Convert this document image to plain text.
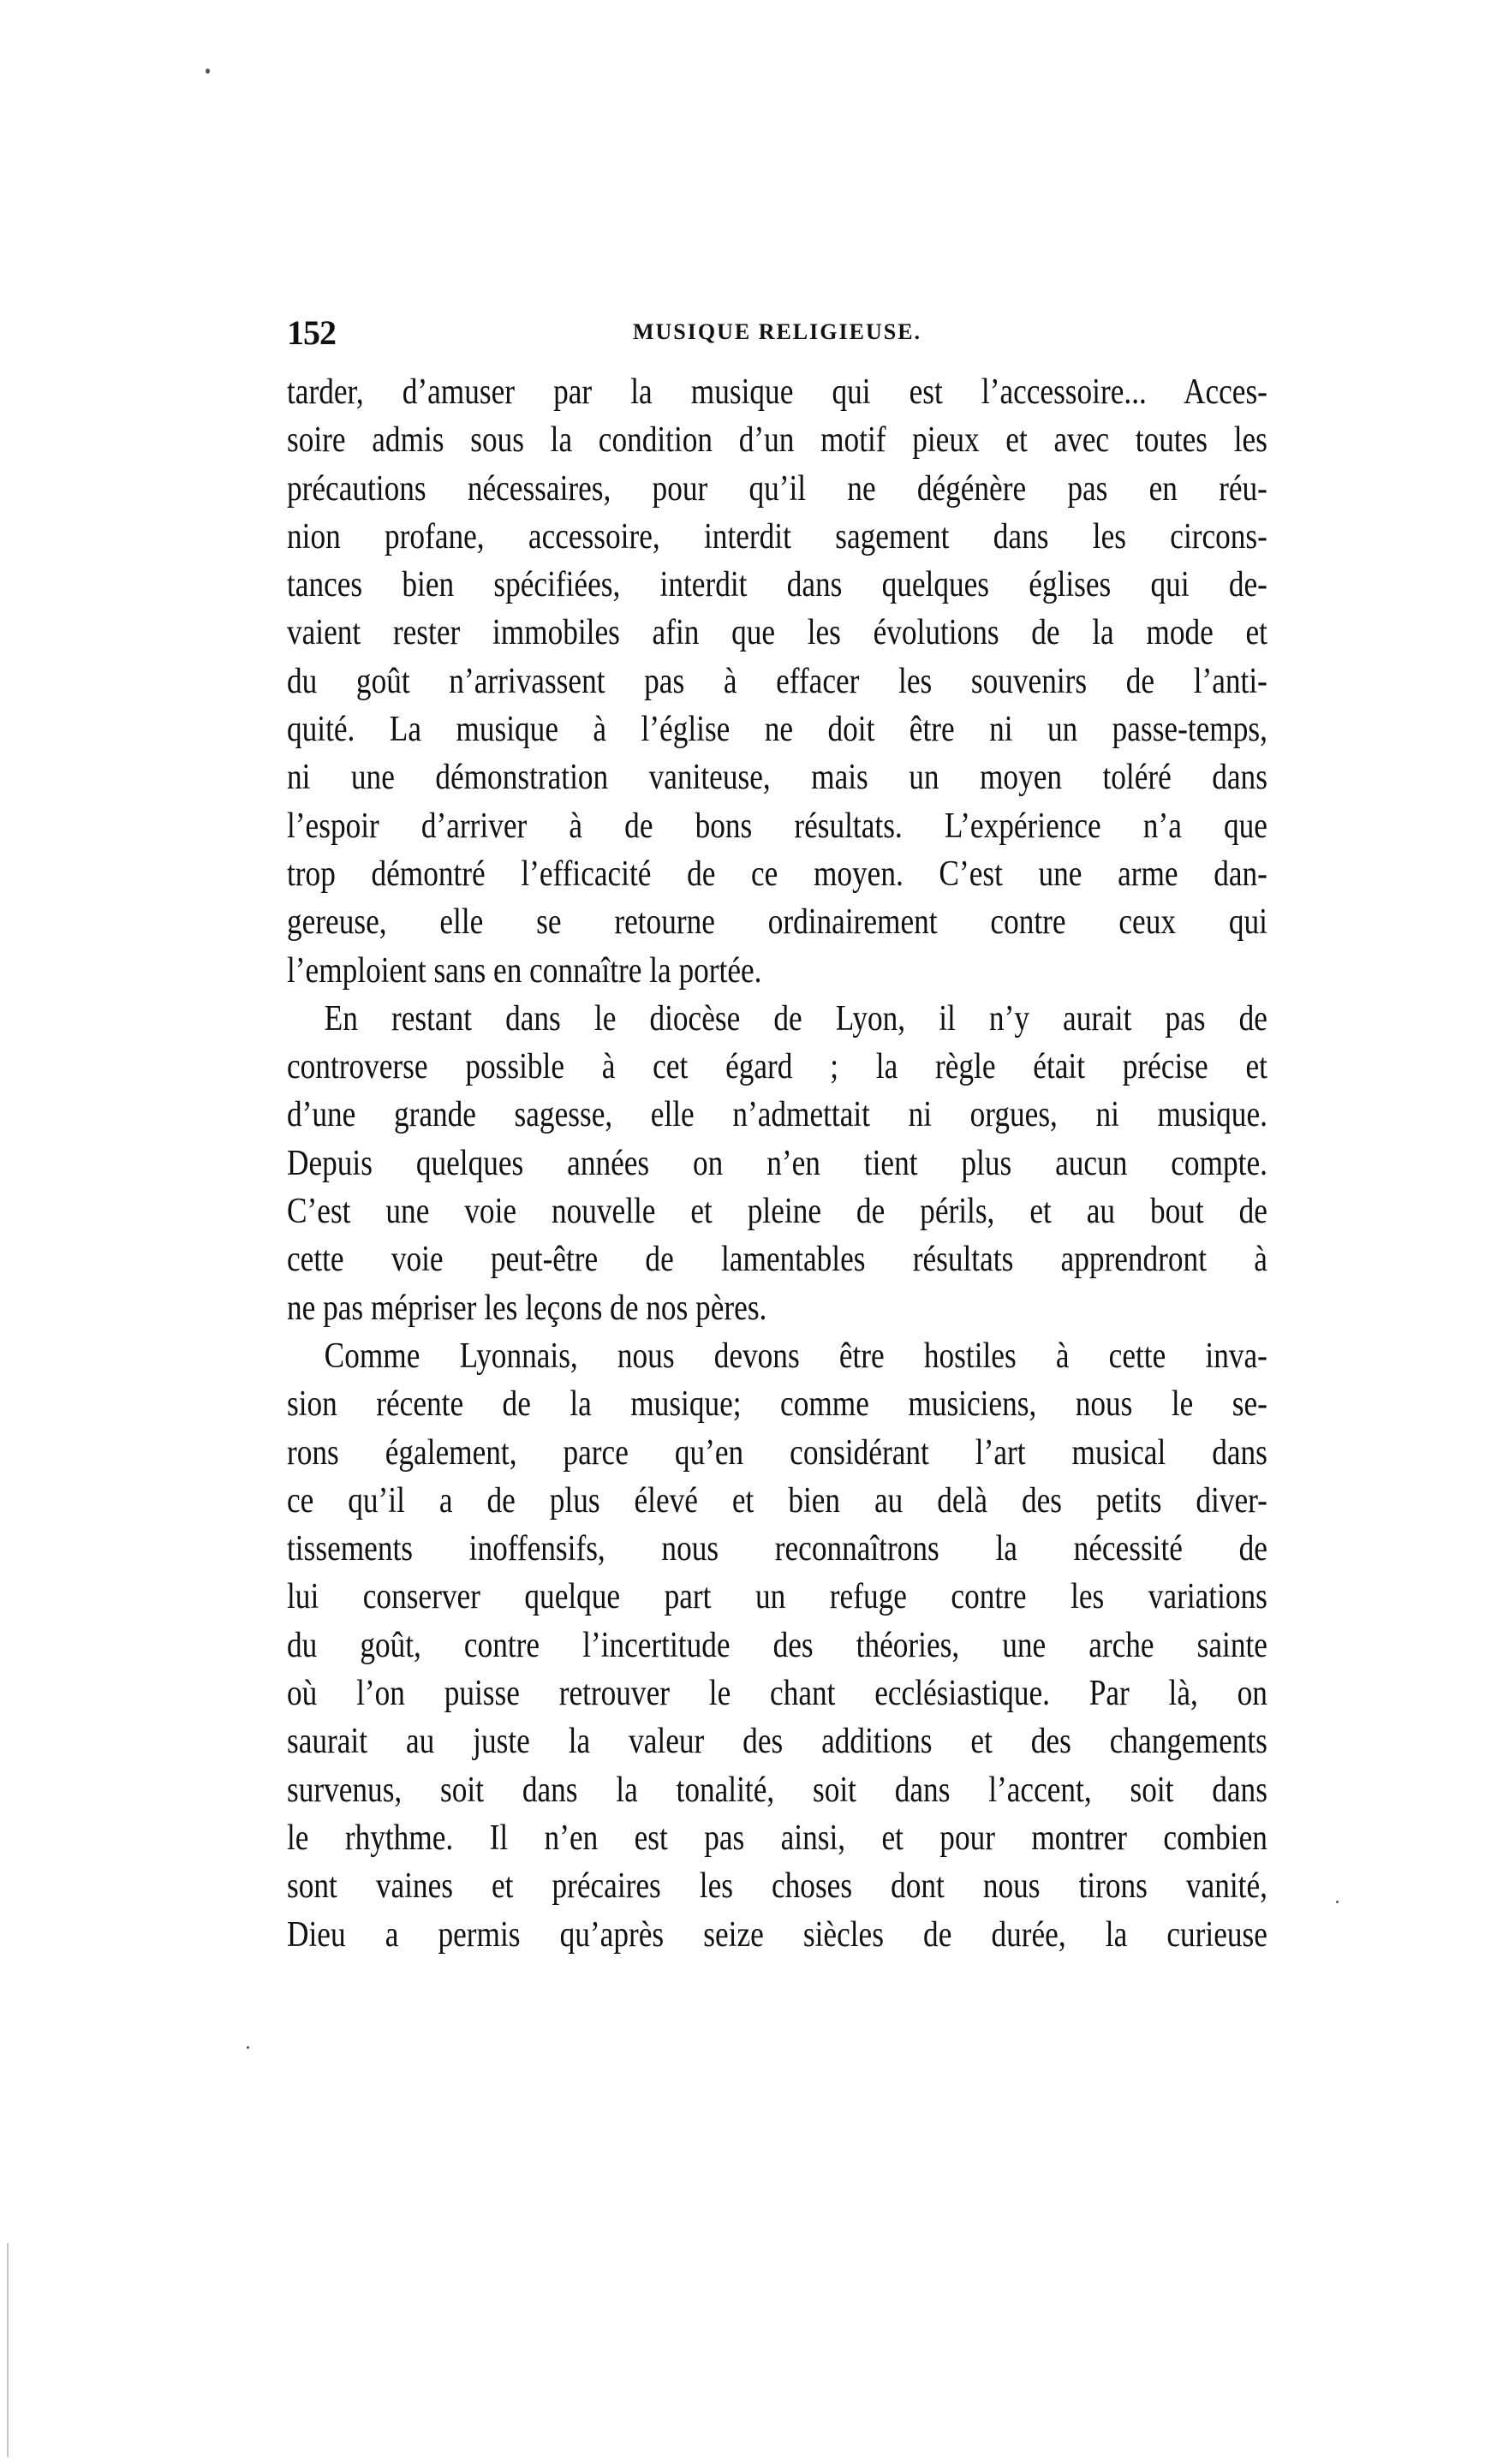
152	MUSIQUE RELIGIEUSE.
tarder, d’amuser par la musique qui est l’accessoire... Acces-
soire admis sous la condition d’un motif pieux et avec toutes les
précautions nécessaires, pour qu’il ne dégénère pas en réu-
nion profane, accessoire, interdit sagement dans les circons-
tances bien spécifiées, interdit dans quelques églises qui de-
vaient rester immobiles afin que les évolutions de la mode et
du goût n’arrivassent pas à effacer les souvenirs de l’anti-
quité. La musique à l’église ne doit être ni un passe-temps,
ni une démonstration vaniteuse, mais un moyen toléré dans
l’espoir d’arriver à de bons résultats. L’expérience n’a que
trop démontré l’efficacité de ce moyen. C’est une arme dan-
gereuse, elle se retourne ordinairement contre ceux qui
l’emploient sans en connaître la portée.
En restant dans le diocèse de Lyon, il n’y aurait pas de
controverse possible à cet égard ; la règle était précise et
d’une grande sagesse, elle n’admettait ni orgues, ni musique.
Depuis quelques années on n’en tient plus aucun compte.
C’est une voie nouvelle et pleine de périls, et au bout de
cette voie peut-être de lamentables résultats apprendront à
ne pas mépriser les leçons de nos pères.
Comme Lyonnais, nous devons être hostiles à cette inva-
sion récente de la musique; comme musiciens, nous le se-
rons également, parce qu’en considérant l’art musical dans
ce qu’il a de plus élevé et bien au delà des petits diver-
tissements inoffensifs, nous reconnaîtrons la nécessité de
lui conserver quelque part un refuge contre les variations
du goût, contre l’incertitude des théories, une arche sainte
où l’on puisse retrouver le chant ecclésiastique. Par là, on
saurait au juste la valeur des additions et des changements
survenus, soit dans la tonalité, soit dans l’accent, soit dans
le rhythme. Il n’en est pas ainsi, et pour montrer combien
sont vaines et précaires les choses dont nous tirons vanité,
Dieu a permis qu’après seize siècles de durée, la curieuse
